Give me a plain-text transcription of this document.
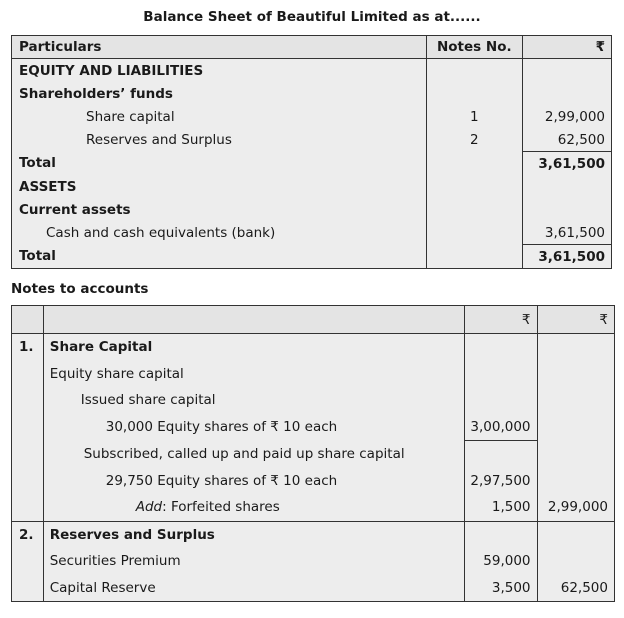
Balance Sheet of Beautiful Limited as at......
Particulars	Notes No.	₹
EQUITY AND LIABILITIES		
Shareholders’ funds		
Share capital	1	2,99,000
Reserves and Surplus	2	62,500
Total		3,61,500
ASSETS		
Current assets		
Cash and cash equivalents (bank)		3,61,500
Total		3,61,500
Notes to accounts
		₹	₹
1.	Share Capital		
	Equity share capital		
	Issued share capital		
	30,000 Equity shares of ₹ 10 each	3,00,000	
	Subscribed, called up and paid up share capital		
	29,750 Equity shares of ₹ 10 each	2,97,500	
	Add: Forfeited shares	1,500	2,99,000
2.	Reserves and Surplus		
	Securities Premium	59,000	
	Capital Reserve	3,500	62,500
